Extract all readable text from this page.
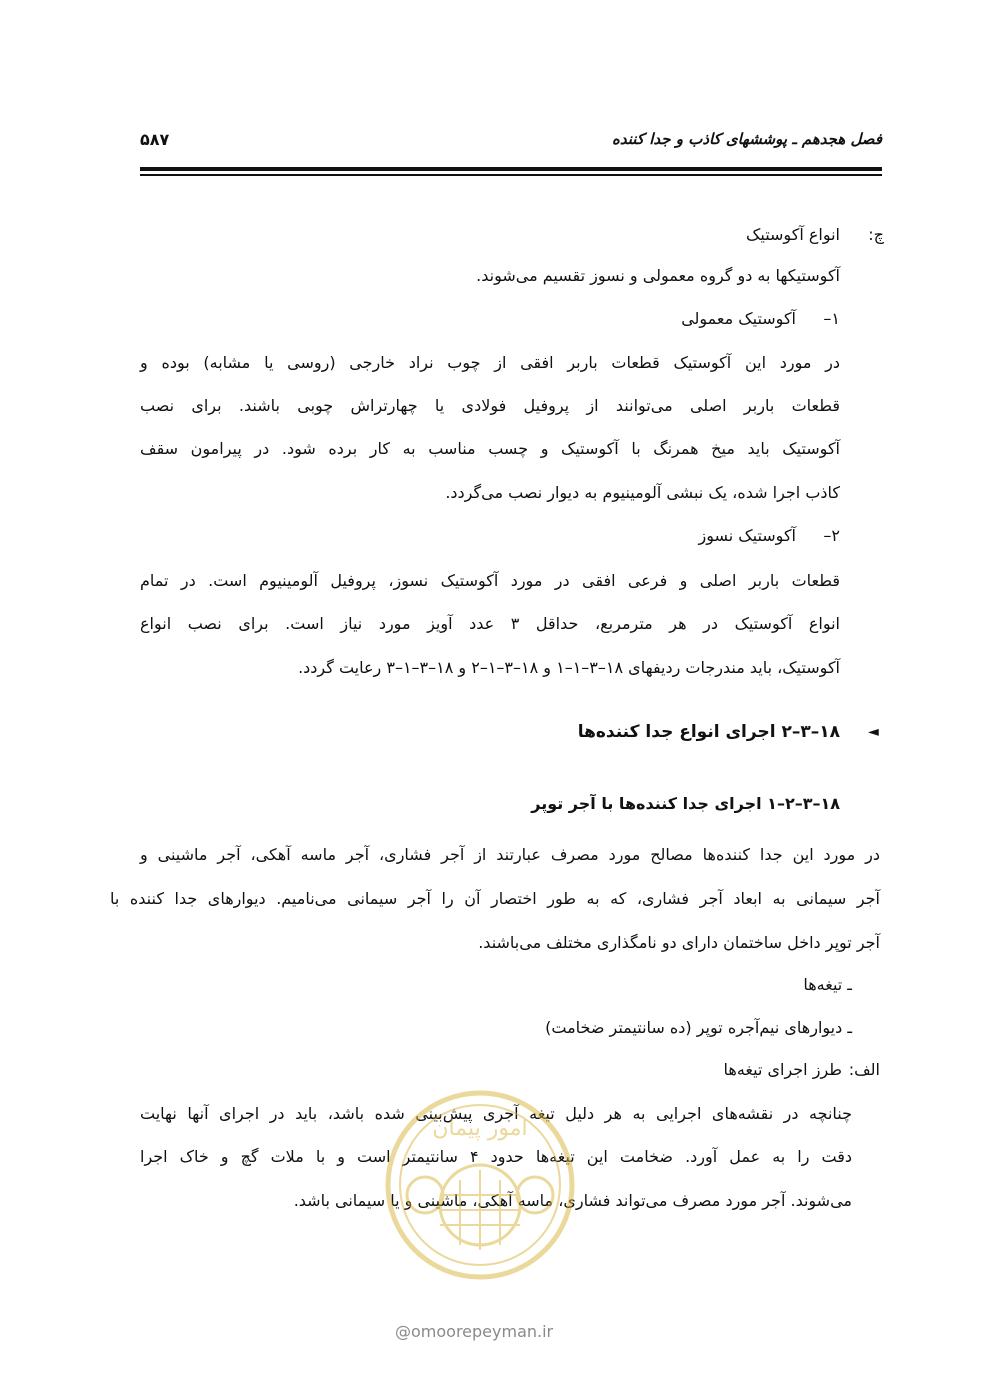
فصل هجدهم ـ پوششهای کاذب و جدا کننده
۵۸۷
چ:
انواع آکوستیک
آکوستیکها به دو گروه معمولی و نسوز تقسیم می‌شوند.
۱–
آکوستیک معمولی
در مورد این آکوستیک قطعات باربر افقی از چوب نراد خارجی (روسی یا مشابه) بوده و
قطعات باربر اصلی می‌توانند از پروفیل فولادی یا چهارتراش چوبی باشند. برای نصب
آکوستیک باید میخ همرنگ با آکوستیک و چسب مناسب به کار برده شود. در پیرامون سقف
کاذب اجرا شده، یک نبشی آلومینیوم به دیوار نصب می‌گردد.
۲–
آکوستیک نسوز
قطعات باربر اصلی و فرعی افقی در مورد آکوستیک نسوز، پروفیل آلومینیوم است. در تمام
انواع آکوستیک در هر مترمربع، حداقل ۳ عدد آویز مورد نیاز است. برای نصب انواع
آکوستیک، باید مندرجات ردیفهای ۱۸–۳–۱–۱ و ۱۸–۳–۱–۲ و ۱۸–۳–۱–۳ رعایت گردد.
◄
۱۸–۳–۲ اجرای انواع جدا کننده‌ها
۱۸–۳–۲–۱ اجرای جدا کننده‌ها با آجر توپر
در مورد این جدا کننده‌ها مصالح مورد مصرف عبارتند از آجر فشاری، آجر ماسه آهکی، آجر ماشینی و
آجر سیمانی به ابعاد آجر فشاری، که به طور اختصار آن را آجر سیمانی می‌نامیم. دیوارهای جدا کننده با
آجر توپر داخل ساختمان دارای دو نامگذاری مختلف می‌باشند.
ـ تیغه‌ها
ـ دیوارهای نیم‌آجره توپر (ده سانتیمتر ضخامت)
الف:
طرز اجرای تیغه‌ها
چنانچه در نقشه‌های اجرایی به هر دلیل تیغه آجری پیش‌بینی شده باشد، باید در اجرای آنها نهایت
دقت را به عمل آورد. ضخامت این تیغه‌ها حدود ۴ سانتیمتر است و با ملات گچ و خاک اجرا
می‌شوند. آجر مورد مصرف می‌تواند فشاری، ماسه آهکی، ماشینی و یا سیمانی باشد.
امور پیمان
@omoorepeyman.ir
